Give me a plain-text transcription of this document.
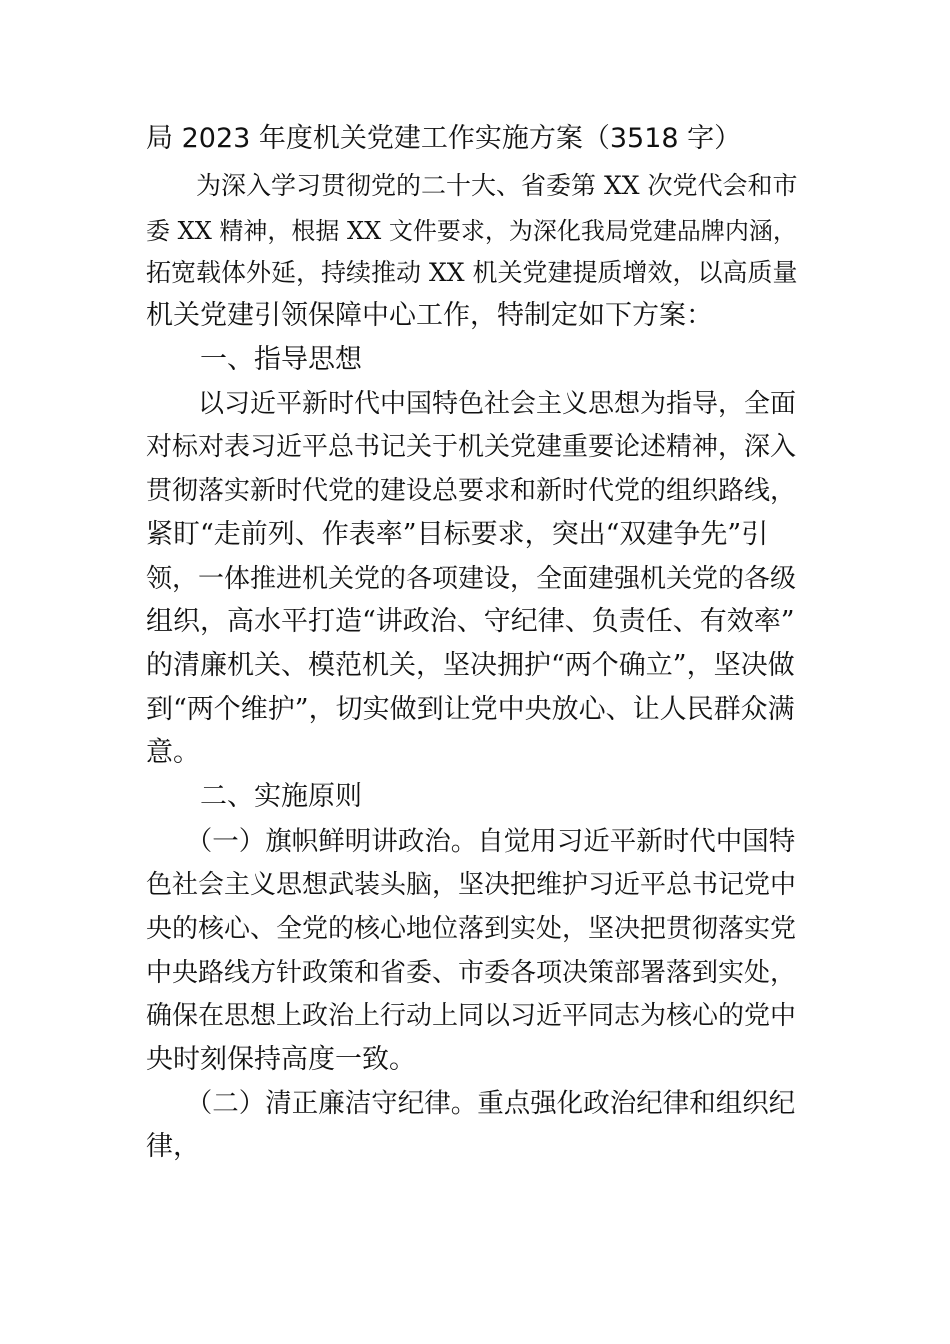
局 2023 年度机关党建工作实施方案（3518 字）
　　为深入学习贯彻党的二十大、省委第 XX 次党代会和市
委 XX 精神，根据 XX 文件要求，为深化我局党建品牌内涵，
拓宽载体外延，持续推动 XX 机关党建提质增效，以高质量
机关党建引领保障中心工作，特制定如下方案：
　　一、指导思想
　　以习近平新时代中国特色社会主义思想为指导，全面
对标对表习近平总书记关于机关党建重要论述精神，深入
贯彻落实新时代党的建设总要求和新时代党的组织路线，
紧盯“走前列、作表率”目标要求，突出“双建争先”引
领，一体推进机关党的各项建设，全面建强机关党的各级
组织，高水平打造“讲政治、守纪律、负责任、有效率”
的清廉机关、模范机关，坚决拥护“两个确立”，坚决做
到“两个维护”，切实做到让党中央放心、让人民群众满
意。
　　二、实施原则
　　（一）旗帜鲜明讲政治。自觉用习近平新时代中国特
色社会主义思想武装头脑，坚决把维护习近平总书记党中
央的核心、全党的核心地位落到实处，坚决把贯彻落实党
中央路线方针政策和省委、市委各项决策部署落到实处，
确保在思想上政治上行动上同以习近平同志为核心的党中
央时刻保持高度一致。
　　（二）清正廉洁守纪律。重点强化政治纪律和组织纪
律，
